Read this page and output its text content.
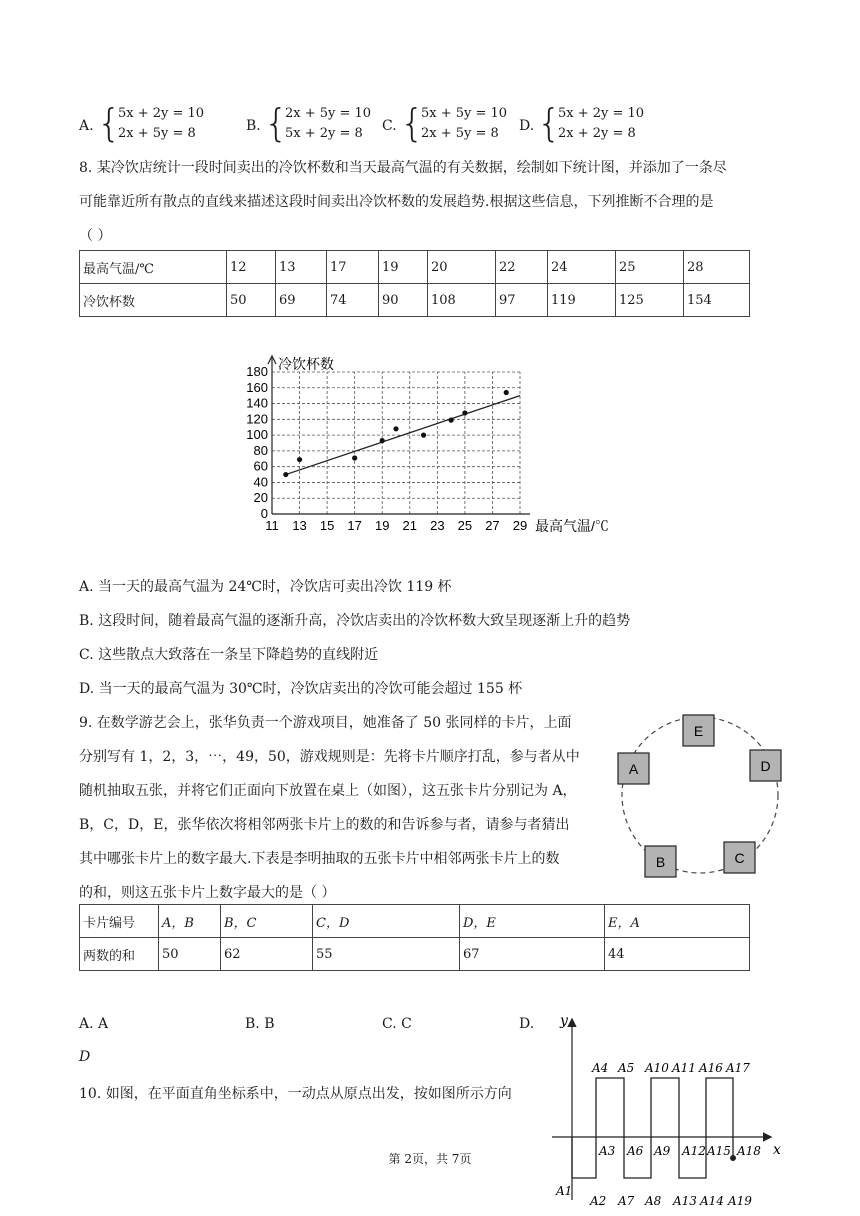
A. {
5x + 2y = 10
2x + 5y = 8	B. {
2x + 5y = 10
5x + 2y = 8 C. {
5x + 5y = 10
2x + 5y = 8 D. {
5x + 2y = 10
2x + 2y = 8
8. 某冷饮店统计一段时间卖出的冷饮杯数和当天最高气温的有关数据，绘制如下统计图，并添加了一条尽
可能靠近所有散点的直线来描述这段时间卖出冷饮杯数的发展趋势.根据这些信息，下列推断不合理的是
（ ）
最高气温/℃	12	13	17	19	20	22	24	25	28
冷饮杯数	50	69	74	90	108	97	119	125	154
11 13 15 17 19 21 23 25 27 29
0
20
40
60
80
100
120
140
160
180 冷饮杯数
最高气温/℃
A. 当一天的最高气温为 24℃时，冷饮店可卖出冷饮 119 杯
B. 这段时间，随着最高气温的逐渐升高，冷饮店卖出的冷饮杯数大致呈现逐渐上升的趋势
C. 这些散点大致落在一条呈下降趋势的直线附近
D. 当一天的最高气温为 30℃时，冷饮店卖出的冷饮可能会超过 155 杯
9. 在数学游艺会上，张华负责一个游戏项目，她准备了 50 张同样的卡片，上面
分别写有 1，2，3，⋯，49，50，游戏规则是：先将卡片顺序打乱，参与者从中
随机抽取五张，并将它们正面向下放置在桌上（如图），这五张卡片分别记为 A，
B，C，D，E，张华依次将相邻两张卡片上的数的和告诉参与者，请参与者猜出
其中哪张卡片上的数字最大.下表是李明抽取的五张卡片中相邻两张卡片上的数
的和，则这五张卡片上数字最大的是（ ）
E
A	D
B	C
卡片编号	A，B	B，C	C，D	D，E	E，A
两数的和	50	62	55	67	44
A. A	B. B	C. C	D.
D
10. 如图，在平面直角坐标系中，一动点从原点出发，按如图所示方向
x
y
A4 A5 A10 A11 A16 A17
A3 A6 A9 A12 A15 A18
A1
A2 A7 A8 A13 A14 A19
第 2页，共 7页
